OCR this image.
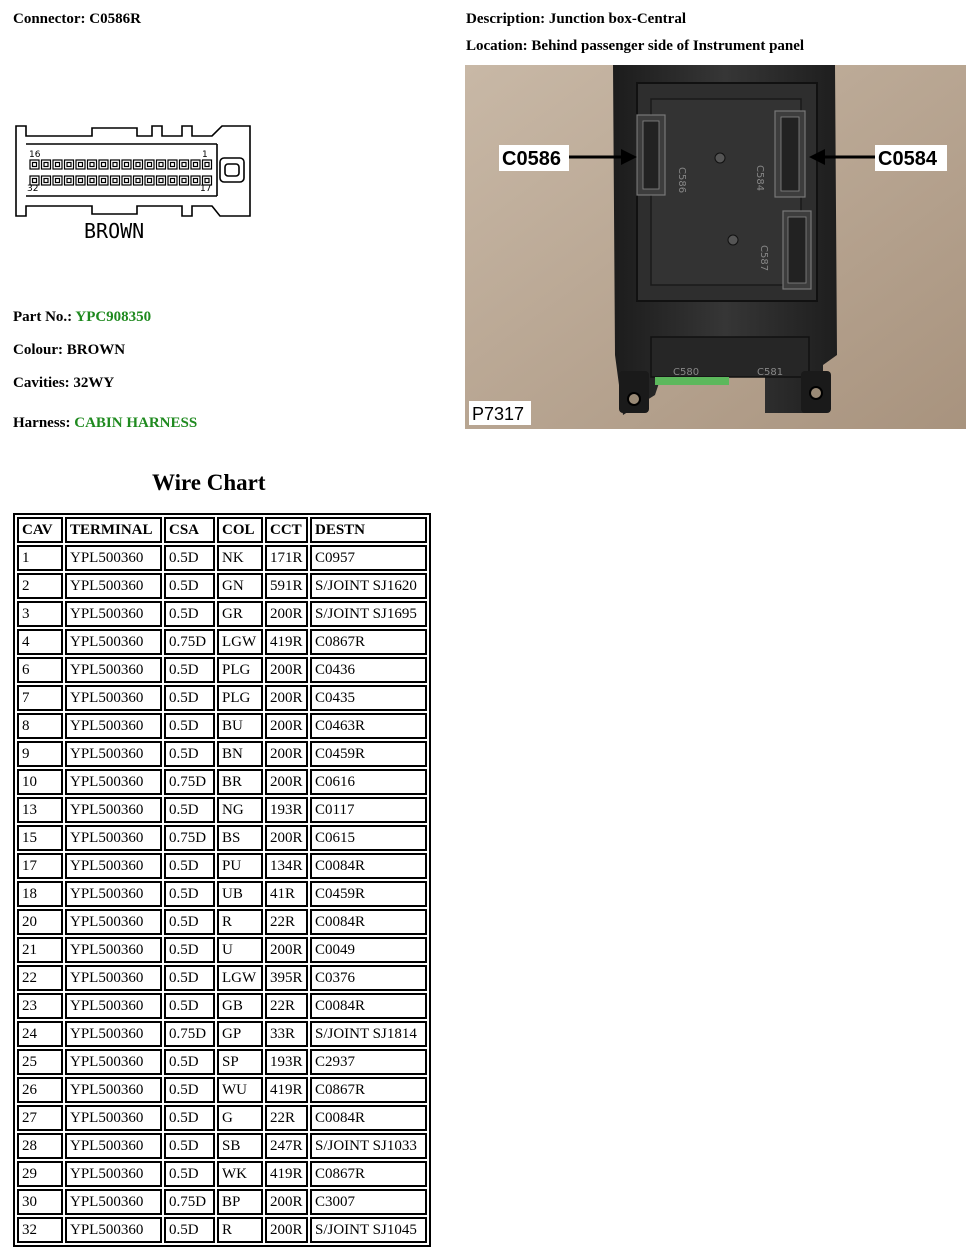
Connector: C0586R	Description: Junction box-Central
Location: Behind passenger side of Instrument panel
16	1
32	17
BROWN
Part No.: YPC908350
Colour: BROWN
Cavities: 32WY
Harness: CABIN HARNESS
C586	C584
C587
C580	C581
C0586	C0584
P7317
Wire Chart
CAV	TERMINAL	CSA	COL	CCT	DESTN
1	YPL500360	0.5D	NK	171R	C0957
2	YPL500360	0.5D	GN	591R	S/JOINT SJ1620
3	YPL500360	0.5D	GR	200R	S/JOINT SJ1695
4	YPL500360	0.75D	LGW	419R	C0867R
6	YPL500360	0.5D	PLG	200R	C0436
7	YPL500360	0.5D	PLG	200R	C0435
8	YPL500360	0.5D	BU	200R	C0463R
9	YPL500360	0.5D	BN	200R	C0459R
10	YPL500360	0.75D	BR	200R	C0616
13	YPL500360	0.5D	NG	193R	C0117
15	YPL500360	0.75D	BS	200R	C0615
17	YPL500360	0.5D	PU	134R	C0084R
18	YPL500360	0.5D	UB	41R	C0459R
20	YPL500360	0.5D	R	22R	C0084R
21	YPL500360	0.5D	U	200R	C0049
22	YPL500360	0.5D	LGW	395R	C0376
23	YPL500360	0.5D	GB	22R	C0084R
24	YPL500360	0.75D	GP	33R	S/JOINT SJ1814
25	YPL500360	0.5D	SP	193R	C2937
26	YPL500360	0.5D	WU	419R	C0867R
27	YPL500360	0.5D	G	22R	C0084R
28	YPL500360	0.5D	SB	247R	S/JOINT SJ1033
29	YPL500360	0.5D	WK	419R	C0867R
30	YPL500360	0.75D	BP	200R	C3007
32	YPL500360	0.5D	R	200R	S/JOINT SJ1045
